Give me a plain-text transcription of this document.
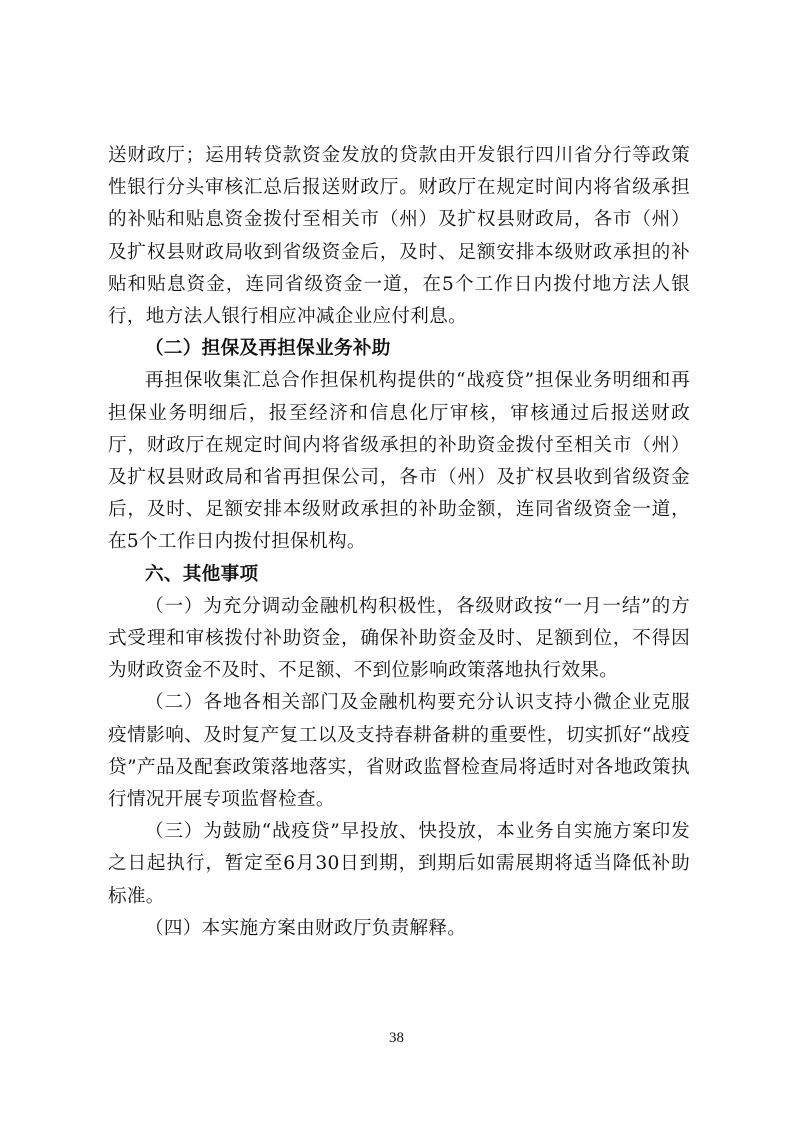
送财政厅；运用转贷款资金发放的贷款由开发银行四川省分行等政策性银行分头审核汇总后报送财政厅。财政厅在规定时间内将省级承担的补贴和贴息资金拨付至相关市（州）及扩权县财政局，各市（州）及扩权县财政局收到省级资金后，及时、足额安排本级财政承担的补贴和贴息资金，连同省级资金一道，在5个工作日内拨付地方法人银行，地方法人银行相应冲减企业应付利息。

（二）担保及再担保业务补助

再担保收集汇总合作担保机构提供的“战疫贷”担保业务明细和再担保业务明细后，报至经济和信息化厅审核，审核通过后报送财政厅，财政厅在规定时间内将省级承担的补助资金拨付至相关市（州）及扩权县财政局和省再担保公司，各市（州）及扩权县收到省级资金后，及时、足额安排本级财政承担的补助金额，连同省级资金一道，在5个工作日内拨付担保机构。

六、其他事项

（一）为充分调动金融机构积极性，各级财政按“一月一结”的方式受理和审核拨付补助资金，确保补助资金及时、足额到位，不得因为财政资金不及时、不足额、不到位影响政策落地执行效果。

（二）各地各相关部门及金融机构要充分认识支持小微企业克服疫情影响、及时复产复工以及支持春耕备耕的重要性，切实抓好“战疫贷”产品及配套政策落地落实，省财政监督检查局将适时对各地政策执行情况开展专项监督检查。

（三）为鼓励“战疫贷”早投放、快投放，本业务自实施方案印发之日起执行，暂定至6月30日到期，到期后如需展期将适当降低补助标准。

（四）本实施方案由财政厅负责解释。

38
